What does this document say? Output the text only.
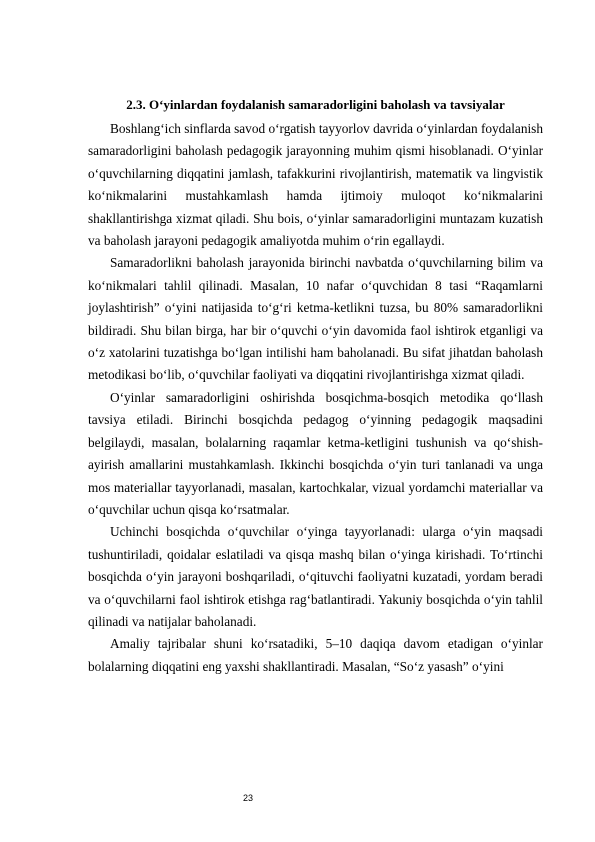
2.3. O‘yinlardan foydalanish samaradorligini baholash va tavsiyalar

Boshlang‘ich sinflarda savod o‘rgatish tayyorlov davrida o‘yinlardan foydalanish samaradorligini baholash pedagogik jarayonning muhim qismi hisoblanadi. O‘yinlar o‘quvchilarning diqqatini jamlash, tafakkurini rivojlantirish, matematik va lingvistik ko‘nikmalarini mustahkamlash hamda ijtimoiy muloqot ko‘nikmalarini shakllantirishga xizmat qiladi. Shu bois, o‘yinlar samaradorligini muntazam kuzatish va baholash jarayoni pedagogik amaliyotda muhim o‘rin egallaydi.

Samaradorlikni baholash jarayonida birinchi navbatda o‘quvchilarning bilim va ko‘nikmalari tahlil qilinadi. Masalan, 10 nafar o‘quvchidan 8 tasi “Raqamlarni joylashtirish” o‘yini natijasida to‘g‘ri ketma-ketlikni tuzsa, bu 80% samaradorlikni bildiradi. Shu bilan birga, har bir o‘quvchi o‘yin davomida faol ishtirok etganligi va o‘z xatolarini tuzatishga bo‘lgan intilishi ham baholanadi. Bu sifat jihatdan baholash metodikasi bo‘lib, o‘quvchilar faoliyati va diqqatini rivojlantirishga xizmat qiladi.

O‘yinlar samaradorligini oshirishda bosqichma-bosqich metodika qo‘llash tavsiya etiladi. Birinchi bosqichda pedagog o‘yinning pedagogik maqsadini belgilaydi, masalan, bolalarning raqamlar ketma-ketligini tushunish va qo‘shish-ayirish amallarini mustahkamlash. Ikkinchi bosqichda o‘yin turi tanlanadi va unga mos materiallar tayyorlanadi, masalan, kartochkalar, vizual yordamchi materiallar va o‘quvchilar uchun qisqa ko‘rsatmalar.

Uchinchi bosqichda o‘quvchilar o‘yinga tayyorlanadi: ularga o‘yin maqsadi tushuntiriladi, qoidalar eslatiladi va qisqa mashq bilan o‘yinga kirishadi. To‘rtinchi bosqichda o‘yin jarayoni boshqariladi, o‘qituvchi faoliyatni kuzatadi, yordam beradi va o‘quvchilarni faol ishtirok etishga rag‘batlantiradi. Yakuniy bosqichda o‘yin tahlil qilinadi va natijalar baholanadi.

Amaliy tajribalar shuni ko‘rsatadiki, 5–10 daqiqa davom etadigan o‘yinlar bolalarning diqqatini eng yaxshi shakllantiradi. Masalan, “So‘z yasash” o‘yini

23
